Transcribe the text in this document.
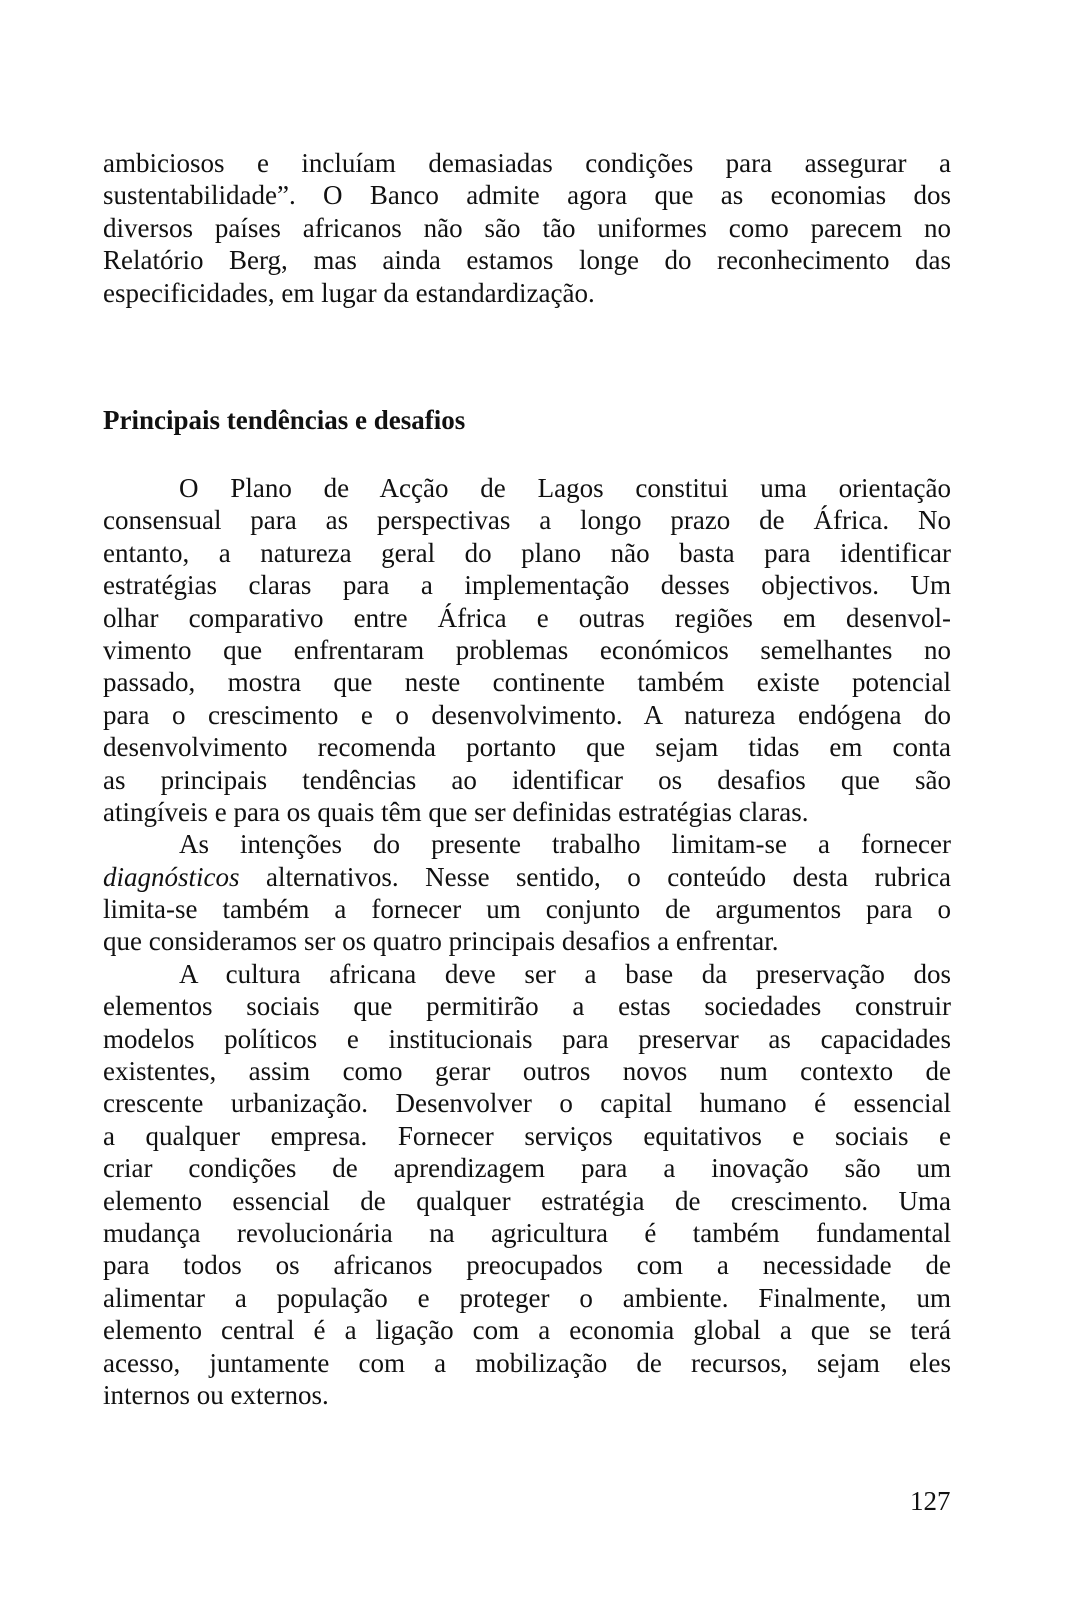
ambiciosos e incluíam demasiadas condições para assegurar a
sustentabilidade”. O Banco admite agora que as economias dos
diversos países africanos não são tão uniformes como parecem no
Relatório Berg, mas ainda estamos longe do reconhecimento das
especificidades, em lugar da estandardização.
Principais tendências e desafios
O Plano de Acção de Lagos constitui uma orientação
consensual para as perspectivas a longo prazo de África. No
entanto, a natureza geral do plano não basta para identificar
estratégias claras para a implementação desses objectivos. Um
olhar comparativo entre África e outras regiões em desenvol-
vimento que enfrentaram problemas económicos semelhantes no
passado, mostra que neste continente também existe potencial
para o crescimento e o desenvolvimento. A natureza endógena do
desenvolvimento recomenda portanto que sejam tidas em conta
as principais tendências ao identificar os desafios que são
atingíveis e para os quais têm que ser definidas estratégias claras.
As intenções do presente trabalho limitam-se a fornecer
diagnósticos alternativos. Nesse sentido, o conteúdo desta rubrica
limita-se também a fornecer um conjunto de argumentos para o
que consideramos ser os quatro principais desafios a enfrentar.
A cultura africana deve ser a base da preservação dos
elementos sociais que permitirão a estas sociedades construir
modelos políticos e institucionais para preservar as capacidades
existentes, assim como gerar outros novos num contexto de
crescente urbanização. Desenvolver o capital humano é essencial
a qualquer empresa. Fornecer serviços equitativos e sociais e
criar condições de aprendizagem para a inovação são um
elemento essencial de qualquer estratégia de crescimento. Uma
mudança revolucionária na agricultura é também fundamental
para todos os africanos preocupados com a necessidade de
alimentar a população e proteger o ambiente. Finalmente, um
elemento central é a ligação com a economia global a que se terá
acesso, juntamente com a mobilização de recursos, sejam eles
internos ou externos.
127
